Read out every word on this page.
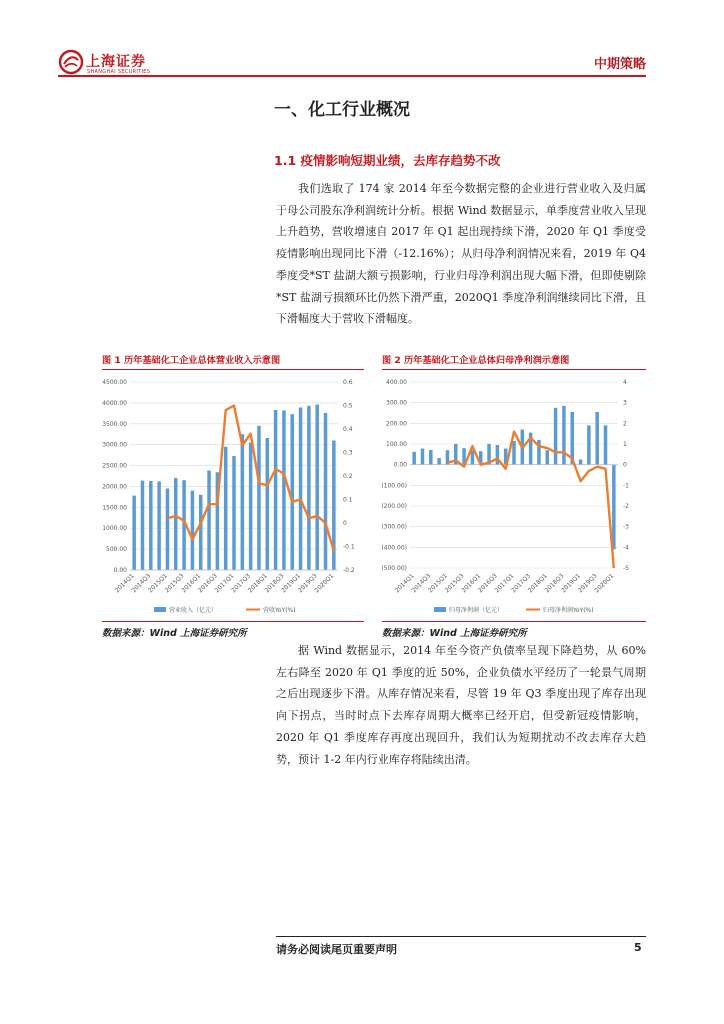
上海证券
SHANGHAI SECURITIES	中期策略
一、化工行业概况
1.1 疫情影响短期业绩，去库存趋势不改

我们选取了 174 家 2014 年至今数据完整的企业进行营业收入及归属于母公司股东净利润统计分析。根据 Wind 数据显示，单季度营业收入呈现上升趋势，营收增速自 2017 年 Q1 起出现持续下滑，2020 年 Q1 季度受疫情影响出现同比下滑（-12.16%）；从归母净利润情况来看，2019 年 Q4 季度受*ST 盐湖大额亏损影响，行业归母净利润出现大幅下滑，但即使剔除*ST 盐湖亏损额环比仍然下滑严重，2020Q1 季度净利润继续同比下滑，且下滑幅度大于营收下滑幅度。

图 1 历年基础化工企业总体营业收入示意图	图 2 历年基础化工企业总体归母净利润示意图
0.00
500.00
1000.00
1500.00
2000.00
2500.00
3000.00
3500.00
4000.00
4500.00
-0.2
-0.1
0
0.1
0.2
0.3
0.4
0.5
0.6
2014Q1
2014Q3
2015Q1
2015Q3
2016Q1
2016Q3
2017Q1
2017Q3
2018Q1
2018Q3
2019Q1
2019Q3
2020Q1
营业收入（亿元）	营收YoY(%)
(500.00)
(400.00)
(300.00)
(200.00)
(100.00)
0.00
100.00
200.00
300.00
400.00
-5
-4
-3
-2
-1
0
1
2
3
4
2014Q1
2014Q3
2015Q1
2015Q3
2016Q1
2016Q3
2017Q1
2017Q3
2018Q1
2018Q3
2019Q1
2019Q3
2020Q1
归母净利润（亿元）	归母净利润YoY(%)
数据来源：Wind 上海证券研究所	数据来源：Wind 上海证券研究所

据 Wind 数据显示，2014 年至今资产负债率呈现下降趋势，从 60%左右降至 2020 年 Q1 季度的近 50%，企业负债水平经历了一轮景气周期之后出现逐步下滑。从库存情况来看，尽管 19 年 Q3 季度出现了库存出现向下拐点，当时时点下去库存周期大概率已经开启，但受新冠疫情影响，2020 年 Q1 季度库存再度出现回升，我们认为短期扰动不改去库存大趋势，预计 1-2 年内行业库存将陆续出清。

请务必阅读尾页重要声明	5
